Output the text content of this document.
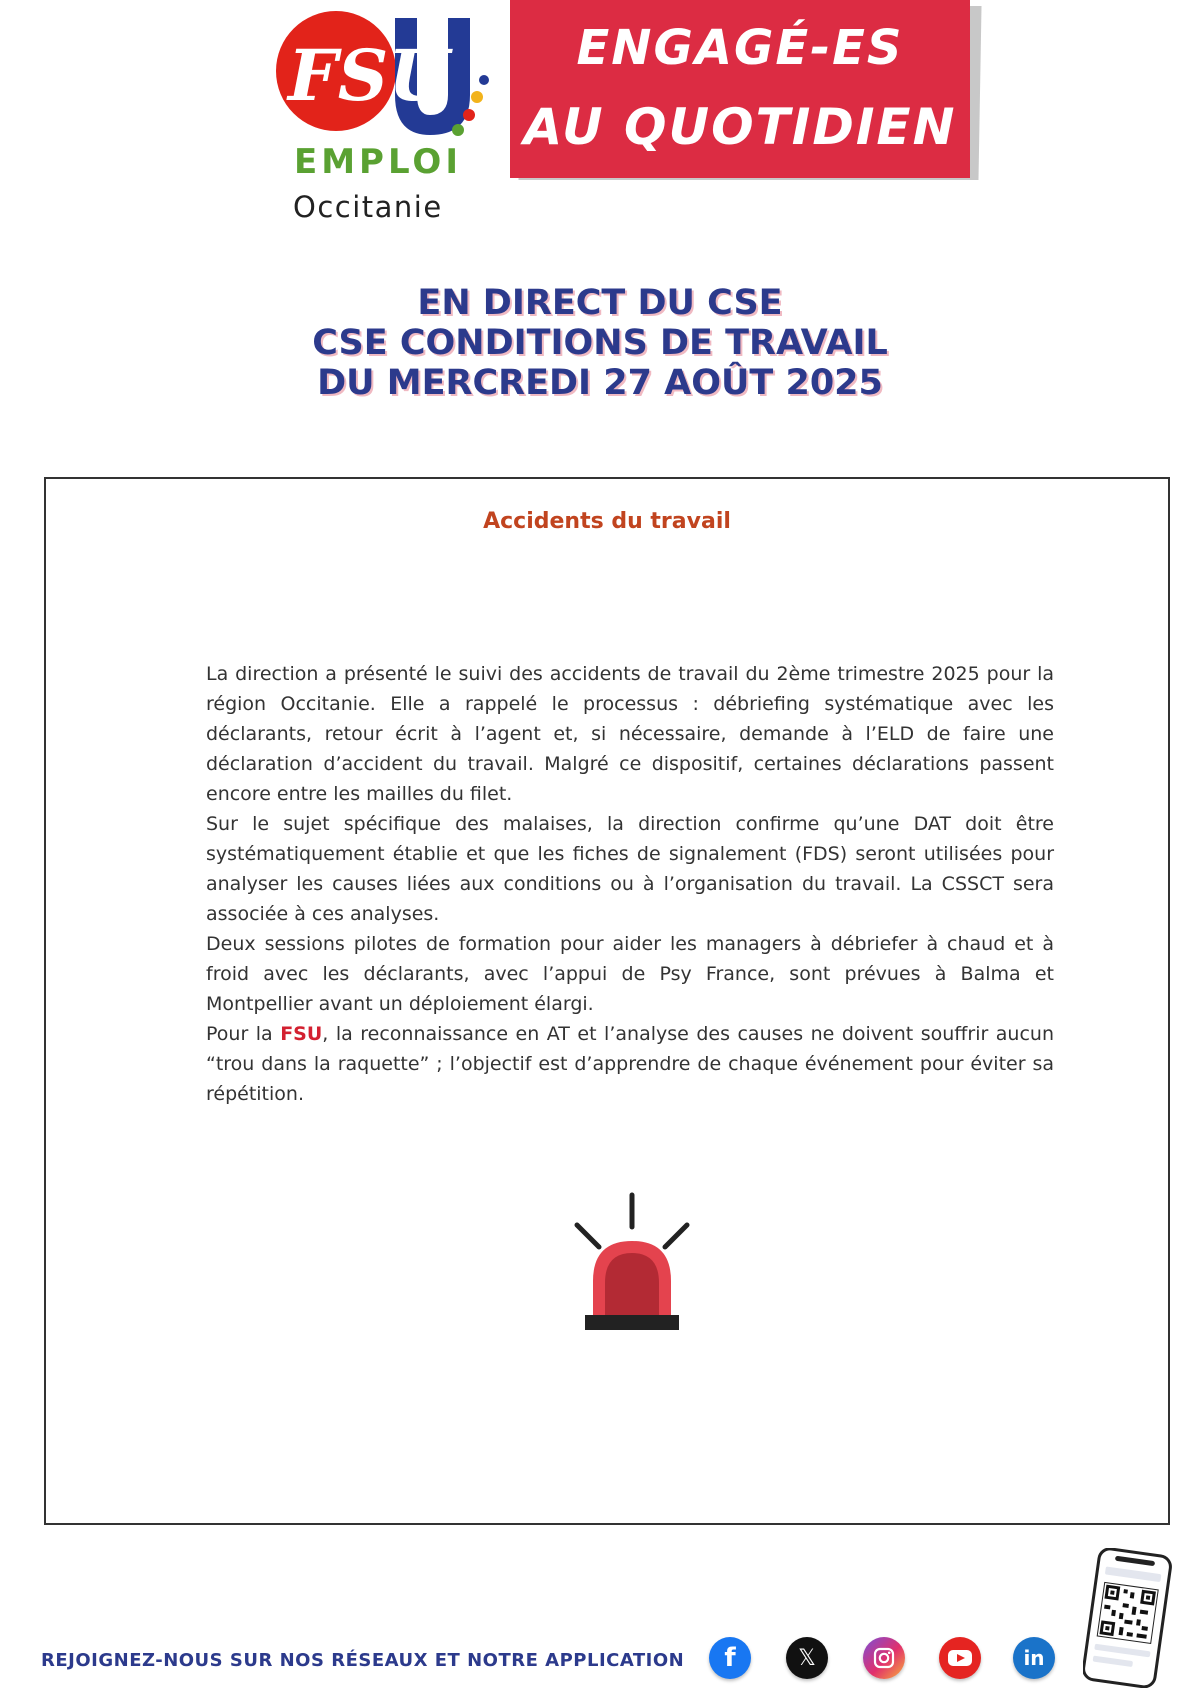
FSU
EMPLOI
Occitanie
ENGAGÉ-ES
AU QUOTIDIEN
EN DIRECT DU CSE
CSE CONDITIONS DE TRAVAIL
DU MERCREDI 27 AOÛT 2025
Accidents du travail

La direction a présenté le suivi des accidents de travail du 2ème trimestre 2025 pour la région Occitanie. Elle a rappelé le processus : débriefing systématique avec les déclarants, retour écrit à l’agent et, si nécessaire, demande à l’ELD de faire une déclaration d’accident du travail. Malgré ce dispositif, certaines déclarations passent encore entre les mailles du filet.

Sur le sujet spécifique des malaises, la direction confirme qu’une DAT doit être systématiquement établie et que les fiches de signalement (FDS) seront utilisées pour analyser les causes liées aux conditions ou à l’organisation du travail. La CSSCT sera associée à ces analyses.

Deux sessions pilotes de formation pour aider les managers à débriefer à chaud et à froid avec les déclarants, avec l’appui de Psy France, sont prévues à Balma et Montpellier avant un déploiement élargi.

Pour la FSU, la reconnaissance en AT et l’analyse des causes ne doivent souffrir aucun “trou dans la raquette” ; l’objectif est d’apprendre de chaque événement pour éviter sa répétition.

REJOIGNEZ-NOUS SUR NOS RÉSEAUX ET NOTRE APPLICATION f	𝕏	in
